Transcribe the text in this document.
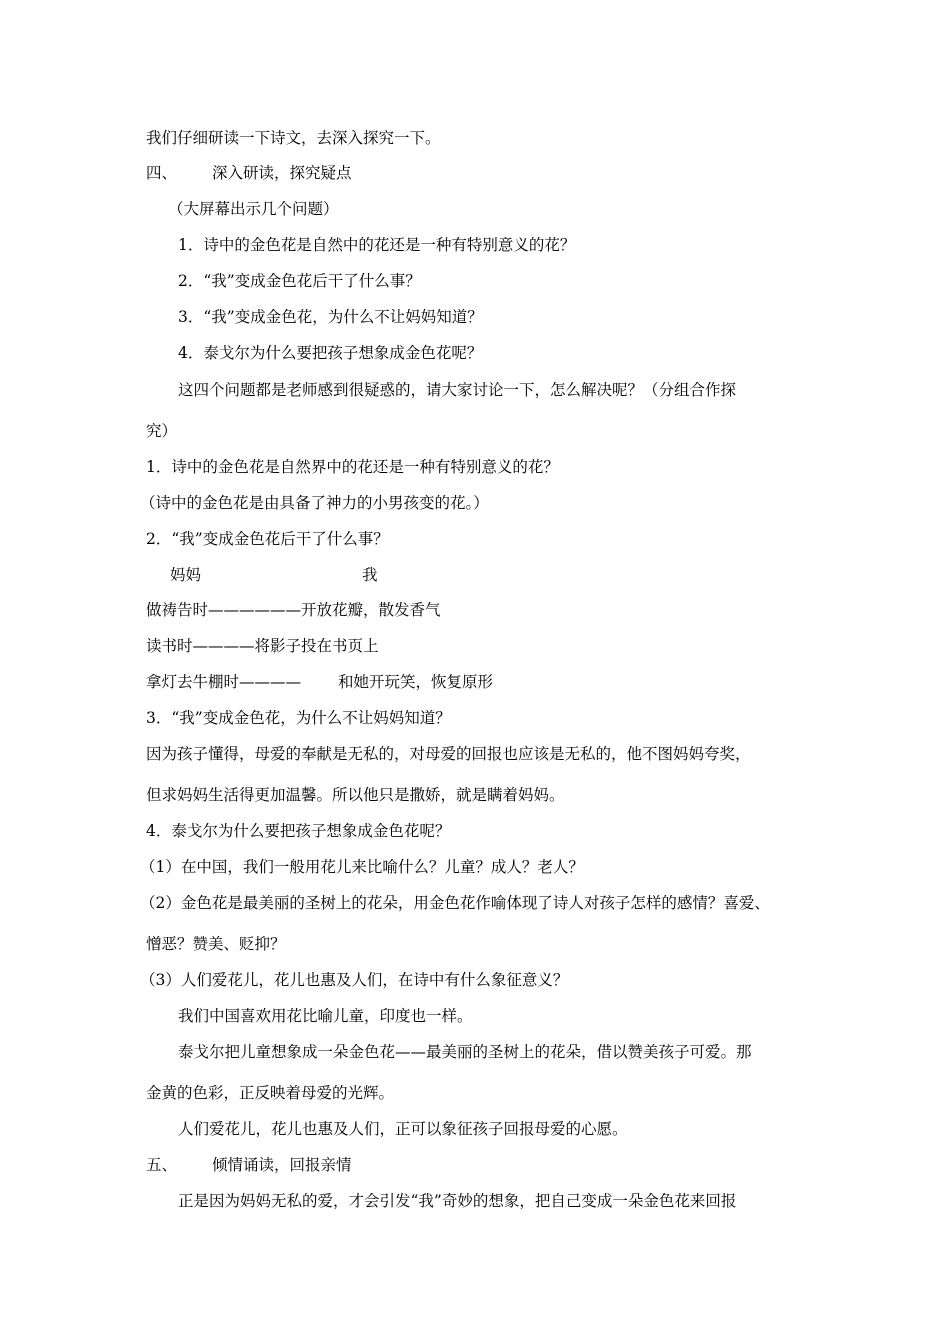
我们仔细研读一下诗文，去深入探究一下。
四、 深入研读，探究疑点
（大屏幕出示几个问题）
1．诗中的金色花是自然中的花还是一种有特别意义的花？
2．“我”变成金色花后干了什么事？
3．“我”变成金色花，为什么不让妈妈知道？
4．泰戈尔为什么要把孩子想象成金色花呢？
这四个问题都是老师感到很疑惑的，请大家讨论一下，怎么解决呢？（分组合作探
究）
1．诗中的金色花是自然界中的花还是一种有特别意义的花？
（诗中的金色花是由具备了神力的小男孩变的花。）
2．“我”变成金色花后干了什么事？
妈妈	我
做祷告时——————开放花瓣，散发香气
读书时————将影子投在书页上
拿灯去牛棚时———— 和她开玩笑，恢复原形
3．“我”变成金色花，为什么不让妈妈知道？
因为孩子懂得，母爱的奉献是无私的，对母爱的回报也应该是无私的，他不图妈妈夸奖，
但求妈妈生活得更加温馨。所以他只是撒娇，就是瞒着妈妈。
4．泰戈尔为什么要把孩子想象成金色花呢？
（1）在中国，我们一般用花儿来比喻什么？儿童？成人？老人？
（2）金色花是最美丽的圣树上的花朵，用金色花作喻体现了诗人对孩子怎样的感情？喜爱、
憎恶？赞美、贬抑？
（3）人们爱花儿，花儿也惠及人们，在诗中有什么象征意义？
我们中国喜欢用花比喻儿童，印度也一样。
泰戈尔把儿童想象成一朵金色花——最美丽的圣树上的花朵，借以赞美孩子可爱。那
金黄的色彩，正反映着母爱的光辉。
人们爱花儿，花儿也惠及人们，正可以象征孩子回报母爱的心愿。
五、 倾情诵读，回报亲情
正是因为妈妈无私的爱，才会引发“我”奇妙的想象，把自己变成一朵金色花来回报
